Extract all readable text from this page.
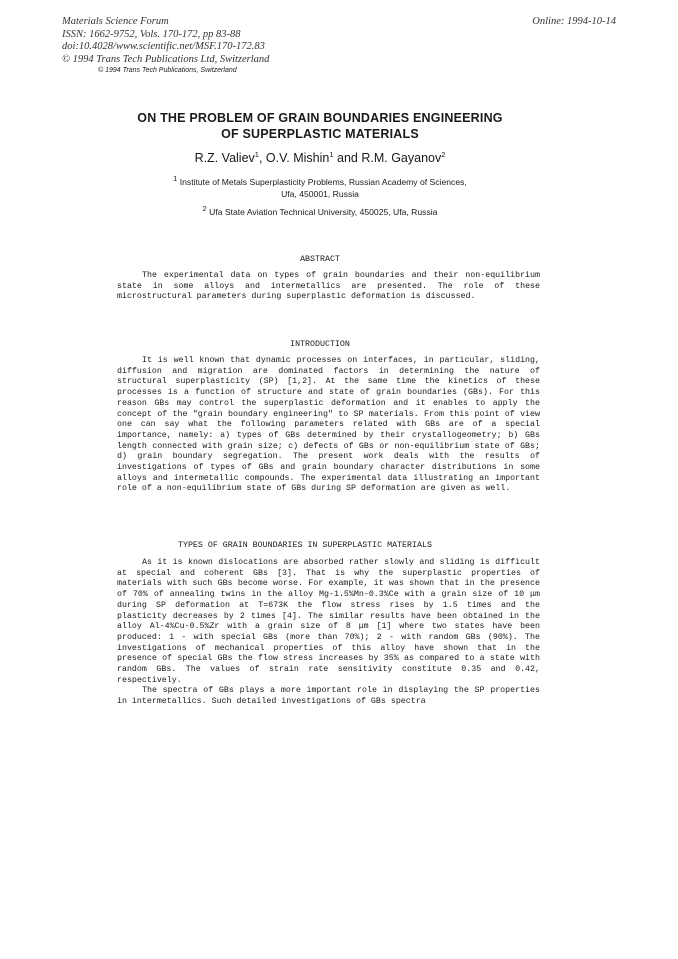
Materials Science Forum
ISSN: 1662-9752, Vols. 170-172, pp 83-88
doi:10.4028/www.scientific.net/MSF.170-172.83
© 1994 Trans Tech Publications Ltd, Switzerland
Online: 1994-10-14
© 1994 Trans Tech Publications, Switzerland
ON THE PROBLEM OF GRAIN BOUNDARIES ENGINEERING
OF SUPERPLASTIC MATERIALS
R.Z. Valiev$^1$, O.V. Mishin$^1$ and R.M. Gayanov$^2$
$^1$ Institute of Metals Superplasticity Problems, Russian Academy of Sciences,
Ufa, 450001, Russia
$^2$ Ufa State Aviation Technical University, 450025, Ufa, Russia
ABSTRACT

The experimental data on types of grain boundaries and their non-equilibrium state in some alloys and intermetallics are presented. The role of these microstructural parameters during superplastic deformation is discussed.

INTRODUCTION

It is well known that dynamic processes on interfaces, in particular, sliding, diffusion and migration are dominated factors in determining the nature of structural superplasticity (SP) [1,2]. At the same time the kinetics of these processes is a function of structure and state of grain boundaries (GBs). For this reason GBs may control the superplastic deformation and it enables to apply the concept of the "grain boundary engineering" to SP materials. From this point of view one can say what the following parameters related with GBs are of a special importance, namely: a) types of GBs determined by their crystallogeometry; b) GBs length connected with grain size; c) defects of GBs or non-equilibrium state of GBs; d) grain boundary segregation. The present work deals with the results of investigations of types of GBs and grain boundary character distributions in some alloys and intermetallic compounds. The experimental data illustrating an important role of a non-equilibrium state of GBs during SP deformation are given as well.

TYPES OF GRAIN BOUNDARIES IN SUPERPLASTIC MATERIALS

As it is known dislocations are absorbed rather slowly and sliding is difficult at special and coherent GBs [3]. That is why the superplastic properties of materials with such GBs become worse. For example, it was shown that in the presence of 70% of annealing twins in the alloy Mg-1.5%Mn-0.3%Ce with a grain size of 10 μm during SP deformation at T=673K the flow stress rises by 1.5 times and the plasticity decreases by 2 times [4]. The similar results have been obtained in the alloy Al-4%Cu-0.5%Zr with a grain size of 8 μm [1] where two states have been produced: 1 - with special GBs (more than 70%); 2 - with random GBs (90%). The investigations of mechanical properties of this alloy have shown that in the presence of special GBs the flow stress increases by 35% as compared to a state with random GBs. The values of strain rate sensitivity constitute 0.35 and 0.42, respectively.

The spectra of GBs plays a more important role in displaying the SP properties in intermetallics. Such detailed investigations of GBs spectra
